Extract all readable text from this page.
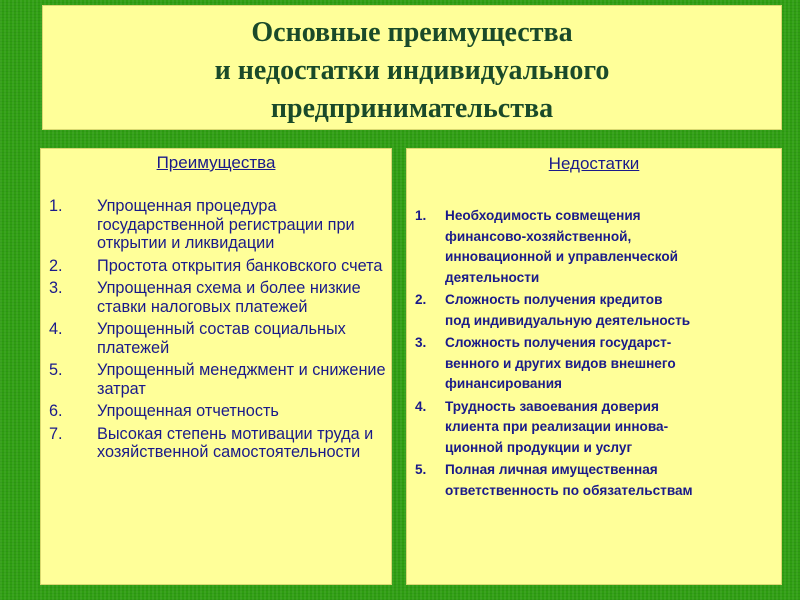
Основные преимущества
и недостатки индивидуального
предпринимательства
Преимущества
1.	Упрощенная процедура государственной регистрации при открытии и ликвидации
2.	Простота открытия банковского счета
3.	Упрощенная схема и более низкие ставки налоговых платежей
4.	Упрощенный состав социальных платежей
5.	Упрощенный менеджмент и снижение затрат
6.	Упрощенная отчетность
7.	Высокая степень мотивации труда и хозяйственной самостоятельности
Недостатки
1.	Необходимость совмещения
финансово-хозяйственной,
инновационной и управленческой
деятельности
2.	Сложность получения кредитов
под индивидуальную деятельность
3.	Сложность получения государст-
венного и других видов внешнего
финансирования
4.	Трудность завоевания доверия
клиента при реализации иннова-
ционной продукции и услуг
5.	Полная личная имущественная
ответственность по обязательствам
